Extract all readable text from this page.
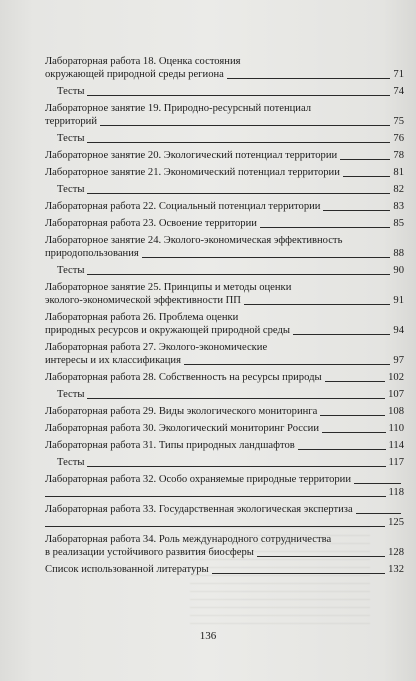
Лабораторная работа 18. Оценка состояния
окружающей природной среды региона	71
Тесты	74
Лабораторное занятие 19. Природно-ресурсный потенциал
территорий	75
Тесты	76
Лабораторное занятие 20. Экологический потенциал территории	78
Лабораторное занятие 21. Экономический потенциал территории	81
Тесты	82
Лабораторная работа 22. Социальный потенциал территории	83
Лабораторная работа 23. Освоение территории	85
Лабораторное занятие 24. Эколого-экономическая эффективность
природопользования	88
Тесты	90
Лабораторное занятие 25. Принципы и методы оценки
эколого-экономической эффективности ПП	91
Лабораторная работа 26. Проблема оценки
природных ресурсов и окружающей природной среды	94
Лабораторная работа 27. Эколого-экономические
интересы и их классификация	97
Лабораторная работа 28. Собственность на ресурсы природы	102
Тесты	107
Лабораторная работа 29. Виды экологического мониторинга	108
Лабораторная работа 30. Экологический мониторинг России	110
Лабораторная работа 31. Типы природных ландшафтов	114
Тесты	117
Лабораторная работа 32. Особо охраняемые природные территории
118
Лабораторная работа 33. Государственная экологическая экспертиза
125
Лабораторная работа 34. Роль международного сотрудничества
в реализации устойчивого развития биосферы	128
Список использованной литературы	132
136
